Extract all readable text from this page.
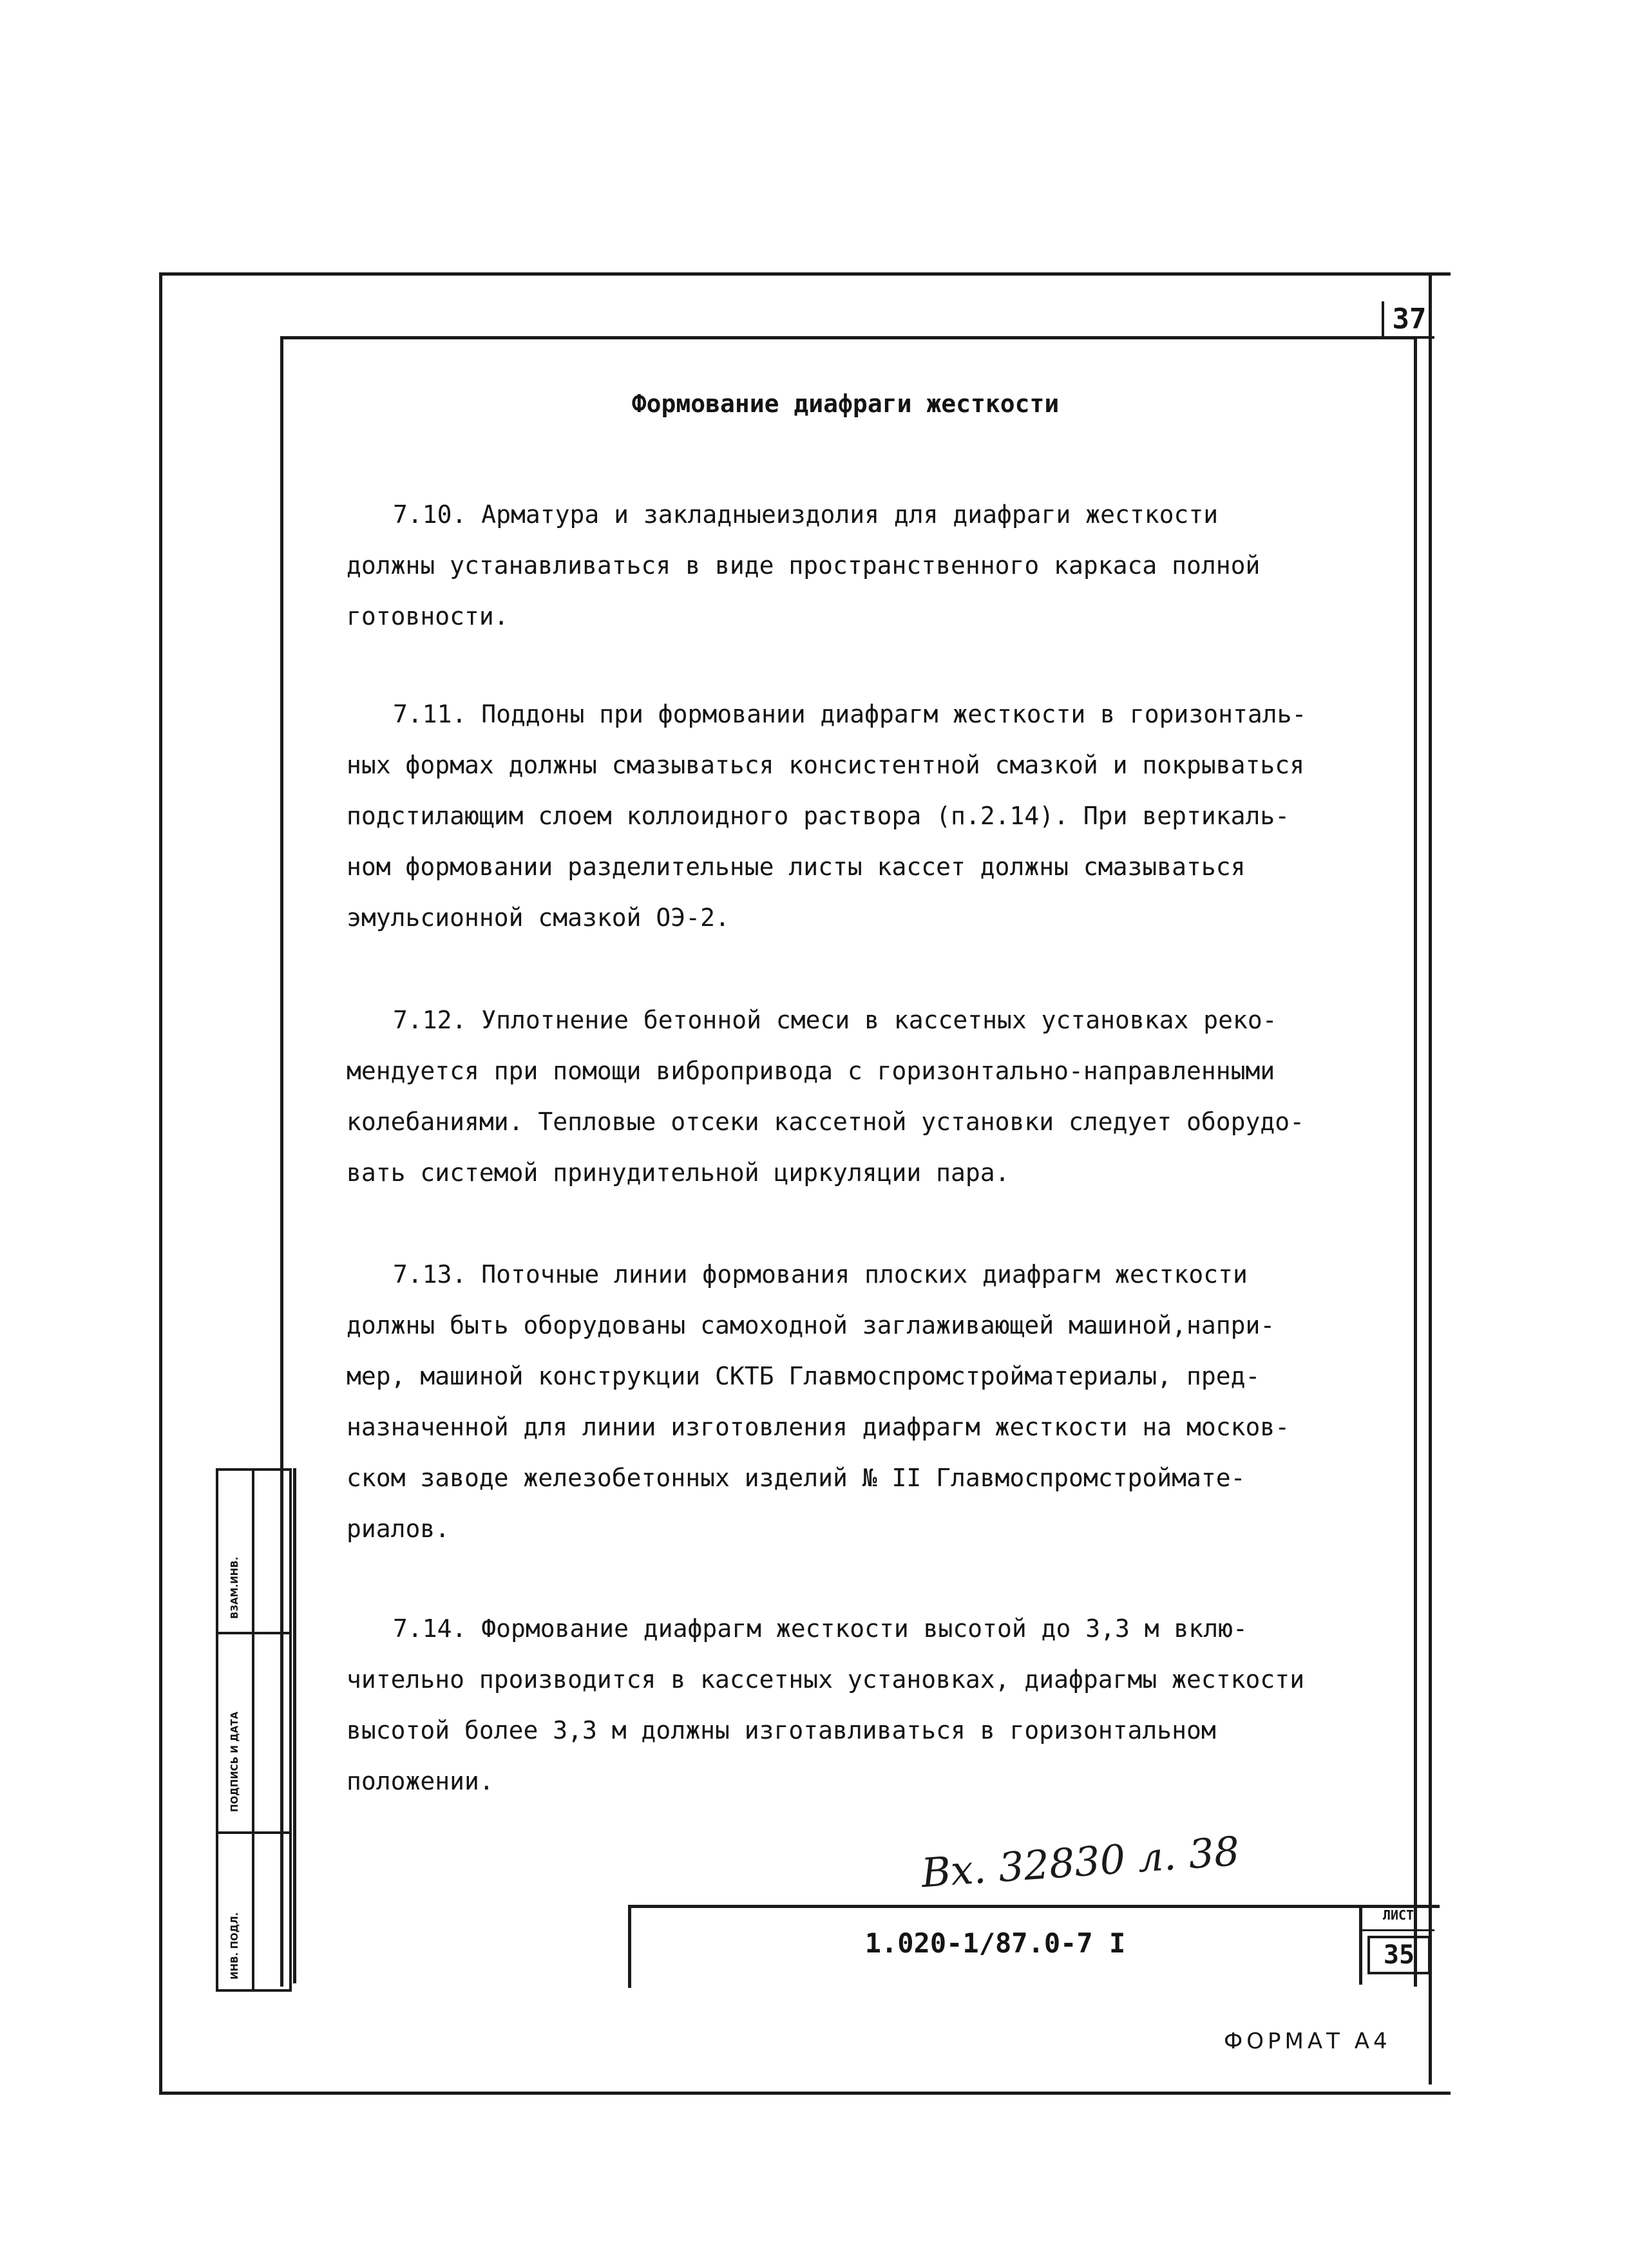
37
Формование диафраги жесткости
7.10. Арматура и закладныеиздолия для диафраги жесткости
должны устанавливаться в виде пространственного каркаса полной
готовности.
7.11. Поддоны при формовании диафрагм жесткости в горизонталь-
ных формах должны смазываться консистентной смазкой и покрываться
подстилающим слоем коллоидного раствора (п.2.14). При вертикаль-
ном формовании разделительные листы кассет должны смазываться
эмульсионной смазкой ОЭ-2.
7.12. Уплотнение бетонной смеси в кассетных установках реко-
мендуется при помощи вибропривода с горизонтально-направленными
колебаниями. Тепловые отсеки кассетной установки следует оборудо-
вать системой принудительной циркуляции пара.
7.13. Поточные линии формования плоских диафрагм жесткости
должны быть оборудованы самоходной заглаживающей машиной,напри-
мер, машиной конструкции СКТБ Главмоспромстройматериалы, пред-
назначенной для линии изготовления диафрагм жесткости на москов-
ском заводе железобетонных изделий № II Главмоспромстройматe-
риалов.
7.14. Формование диафрагм жесткости высотой до 3,3 м вклю-
чительно производится в кассетных установках, диафрагмы жесткости
высотой более 3,3 м должны изготавливаться в горизонтальном
положении.
Вх. 32830 л. 38
1.020-1/87.0-7 I
ЛИСТ
35
ВЗАМ.ИНВ.
ПОДПИСЬ И ДАТА
ИНВ. ПОДЛ.
ФОРМАТ А4
